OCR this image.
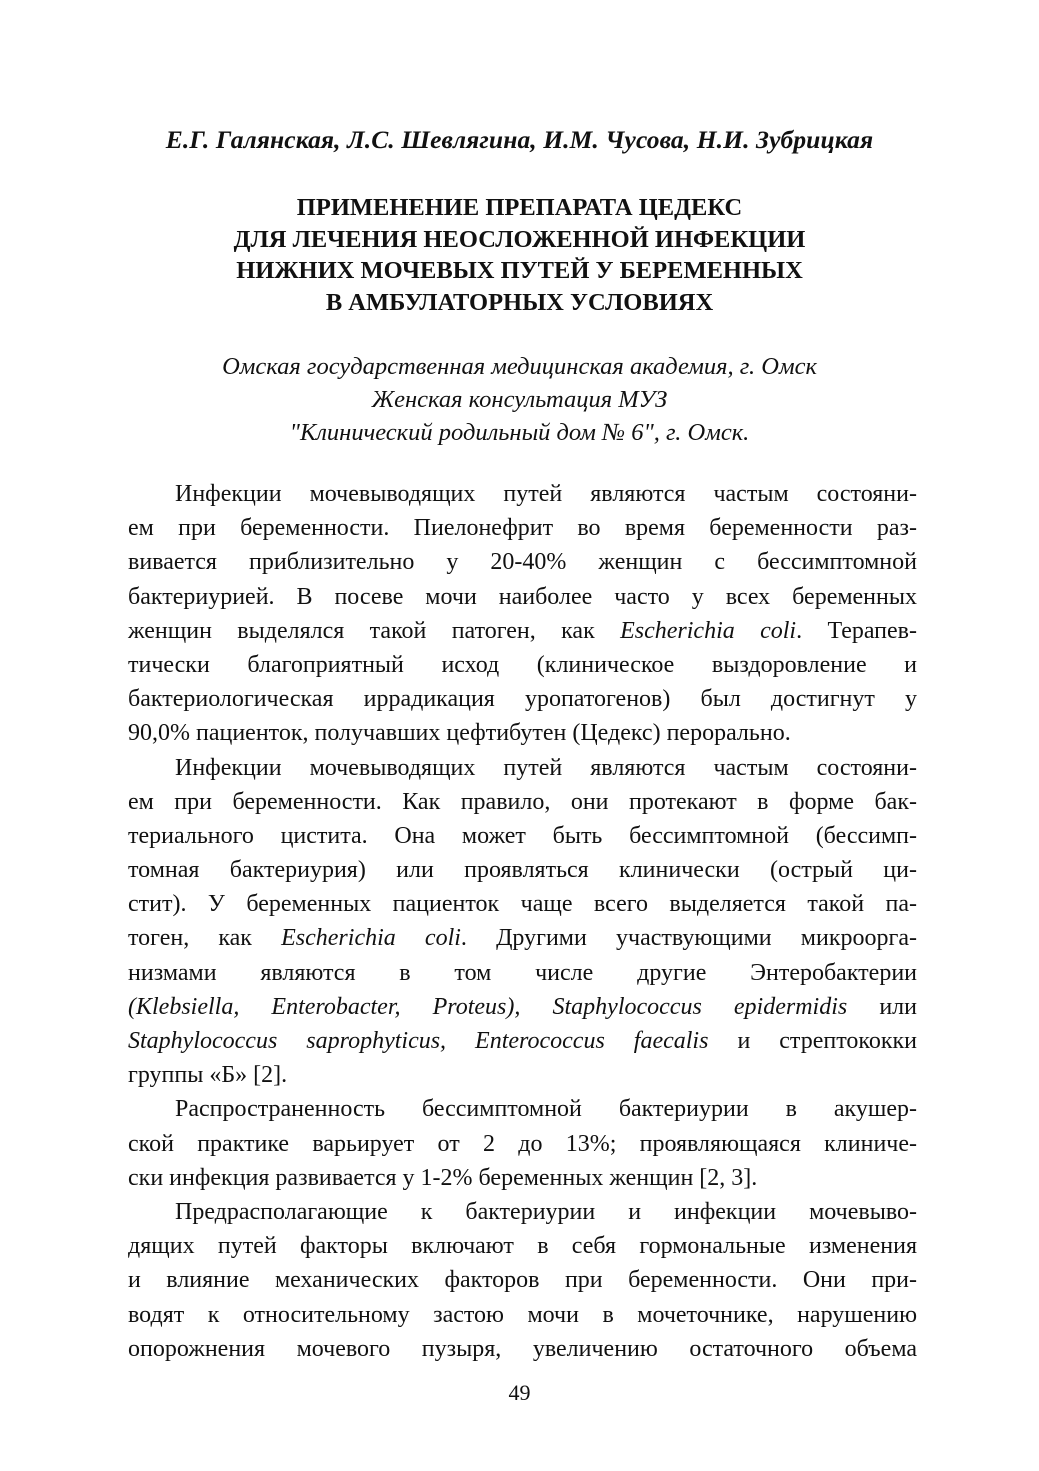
Е.Г. Галянская, Л.С. Шевлягина, И.М. Чусова, Н.И. Зубрицкая
ПРИМЕНЕНИЕ ПРЕПАРАТА ЦЕДЕКС
ДЛЯ ЛЕЧЕНИЯ НЕОСЛОЖЕННОЙ ИНФЕКЦИИ
НИЖНИХ МОЧЕВЫХ ПУТЕЙ У БЕРЕМЕННЫХ
В АМБУЛАТОРНЫХ УСЛОВИЯХ
Омская государственная медицинская академия, г. Омск
Женская консультация МУЗ
"Клинический родильный дом № 6", г. Омск.
Инфекции мочевыводящих путей являются частым состояни-
ем при беременности. Пиелонефрит во время беременности раз-
вивается приблизительно у 20-40% женщин с бессимптомной
бактериурией. В посеве мочи наиболее часто у всех беременных
женщин выделялся такой патоген, как Escherichia coli. Терапев-
тически благоприятный исход (клиническое выздоровление и
бактериологическая иррадикация уропатогенов) был достигнут у
90,0% пациенток, получавших цефтибутен (Цедекс) перорально.
Инфекции мочевыводящих путей являются частым состояни-
ем при беременности. Как правило, они протекают в форме бак-
териального цистита. Она может быть бессимптомной (бессимп-
томная бактериурия) или проявляться клинически (острый ци-
стит). У беременных пациенток чаще всего выделяется такой па-
тоген, как Escherichia coli. Другими участвующими микроорга-
низмами являются в том числе другие Энтеробактерии
(Klebsiella, Enterobacter, Proteus), Staphylococcus epidermidis или
Staphylococcus saprophyticus, Enterococcus faecalis и стрептококки
группы «Б» [2].
Распространенность бессимптомной бактериурии в акушер-
ской практике варьирует от 2 до 13%; проявляющаяся клиниче-
ски инфекция развивается у 1-2% беременных женщин [2, 3].
Предрасполагающие к бактериурии и инфекции мочевыво-
дящих путей факторы включают в себя гормональные изменения
и влияние механических факторов при беременности. Они при-
водят к относительному застою мочи в мочеточнике, нарушению
опорожнения мочевого пузыря, увеличению остаточного объема
49
